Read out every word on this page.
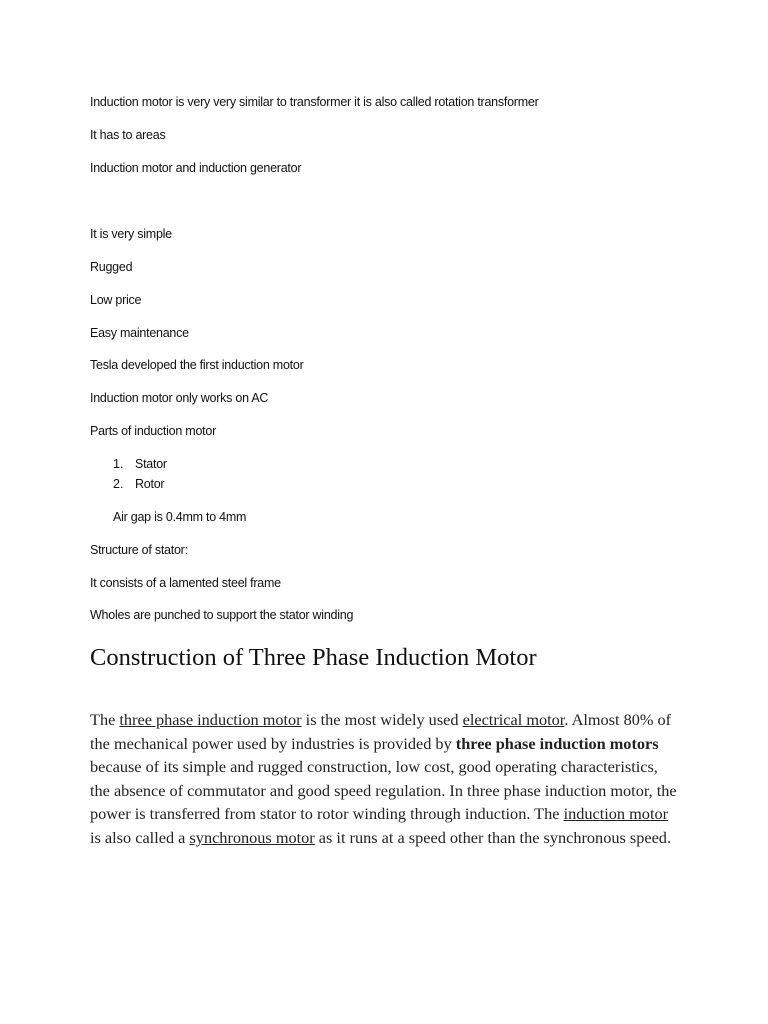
Induction motor is very very similar to transformer it is also called rotation transformer
It has to areas
Induction motor and induction generator
It is very simple
Rugged
Low price
Easy maintenance
Tesla developed the first induction motor
Induction motor only works on AC
Parts of induction motor
1. Stator
2. Rotor
Air gap is 0.4mm to 4mm
Structure of stator:
It consists of a lamented steel frame
Wholes are punched to support the stator winding
Construction of Three Phase Induction Motor

The three phase induction motor is the most widely used electrical motor. Almost 80% of the mechanical power used by industries is provided by three phase induction motors because of its simple and rugged construction, low cost, good operating characteristics, the absence of commutator and good speed regulation. In three phase induction motor, the power is transferred from stator to rotor winding through induction. The induction motor is also called a synchronous motor as it runs at a speed other than the synchronous speed.
